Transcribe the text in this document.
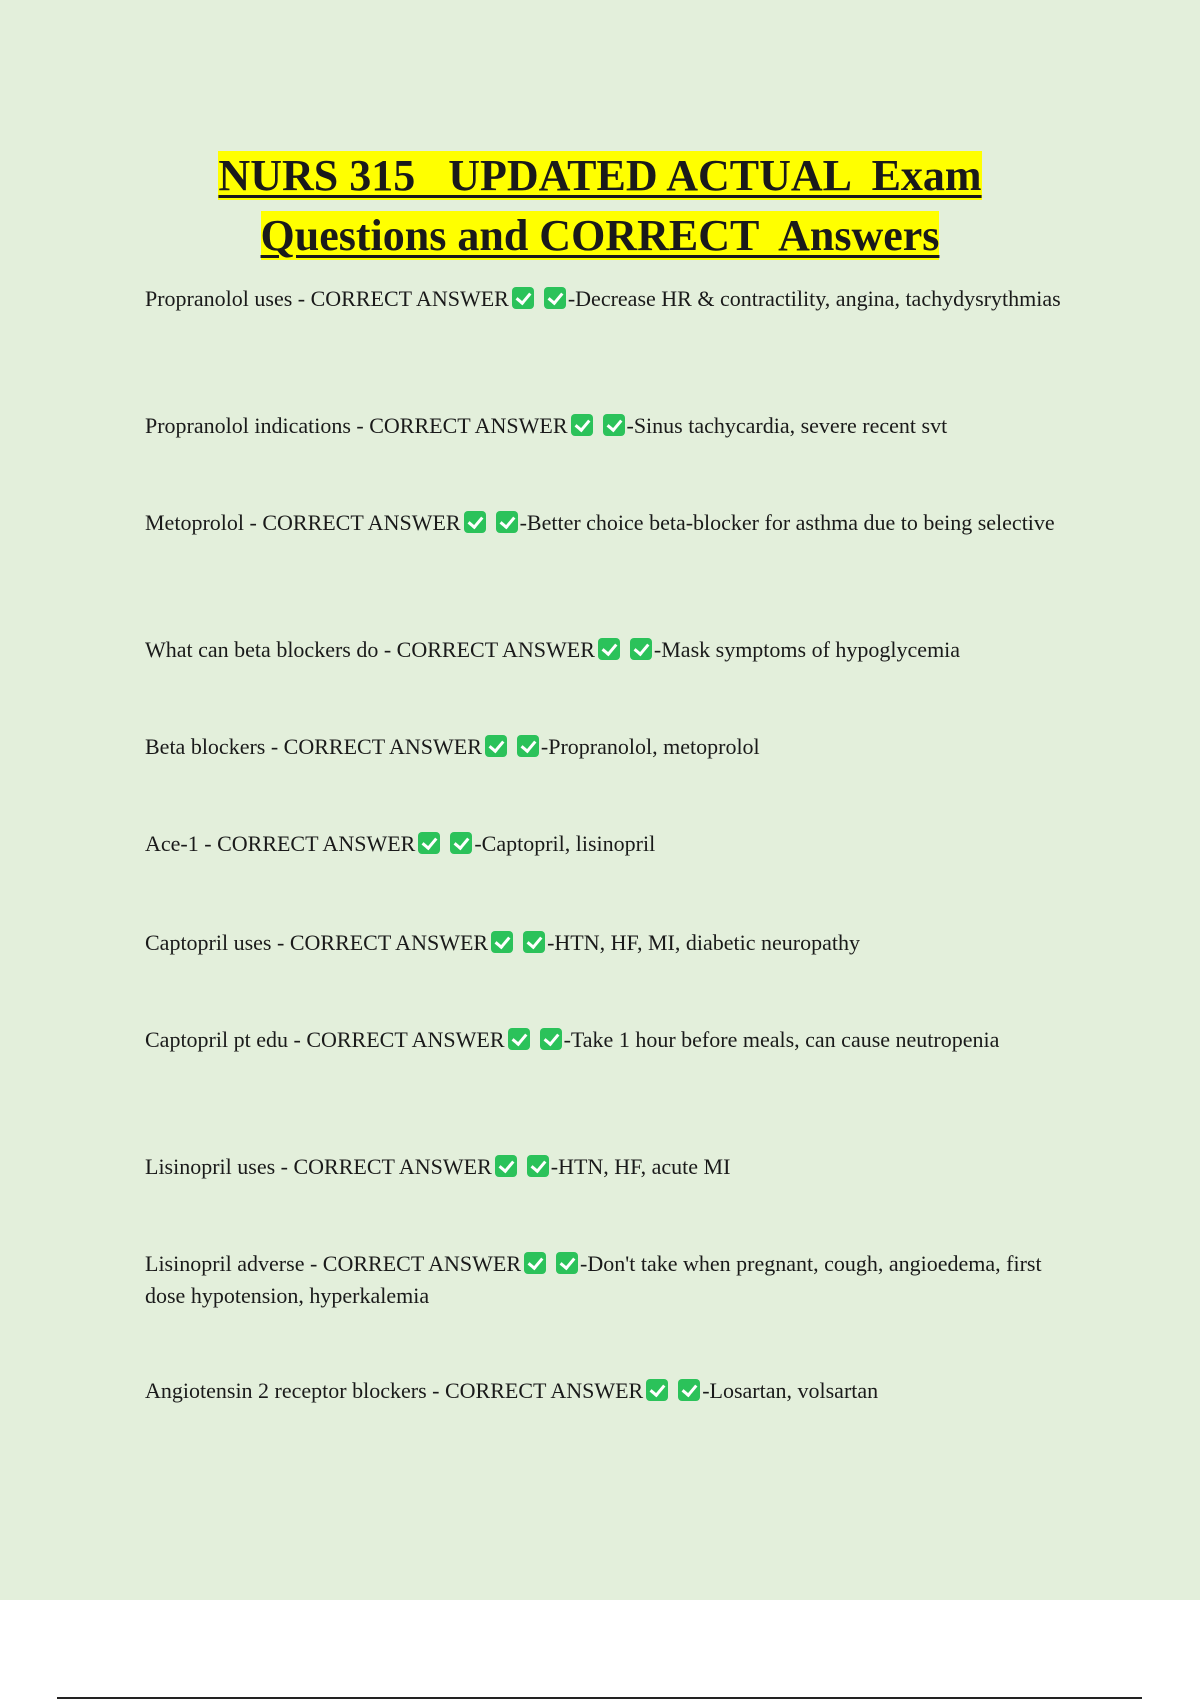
NURS 315   UPDATED ACTUAL  Exam
Questions and CORRECT  Answers

Propranolol uses - CORRECT ANSWER	-Decrease HR & contractility, angina, tachydysrythmias

Propranolol indications - CORRECT ANSWER	-Sinus tachycardia, severe recent svt

Metoprolol - CORRECT ANSWER	-Better choice beta-blocker for asthma due to being selective

What can beta blockers do - CORRECT ANSWER	-Mask symptoms of hypoglycemia

Beta blockers - CORRECT ANSWER	-Propranolol, metoprolol

Ace-1 - CORRECT ANSWER	-Captopril, lisinopril

Captopril uses - CORRECT ANSWER	-HTN, HF, MI, diabetic neuropathy

Captopril pt edu - CORRECT ANSWER	-Take 1 hour before meals, can cause neutropenia

Lisinopril uses - CORRECT ANSWER	-HTN, HF, acute MI

Lisinopril adverse - CORRECT ANSWER	-Don't take when pregnant, cough, angioedema, first dose hypotension, hyperkalemia

Angiotensin 2 receptor blockers - CORRECT ANSWER	-Losartan, volsartan
